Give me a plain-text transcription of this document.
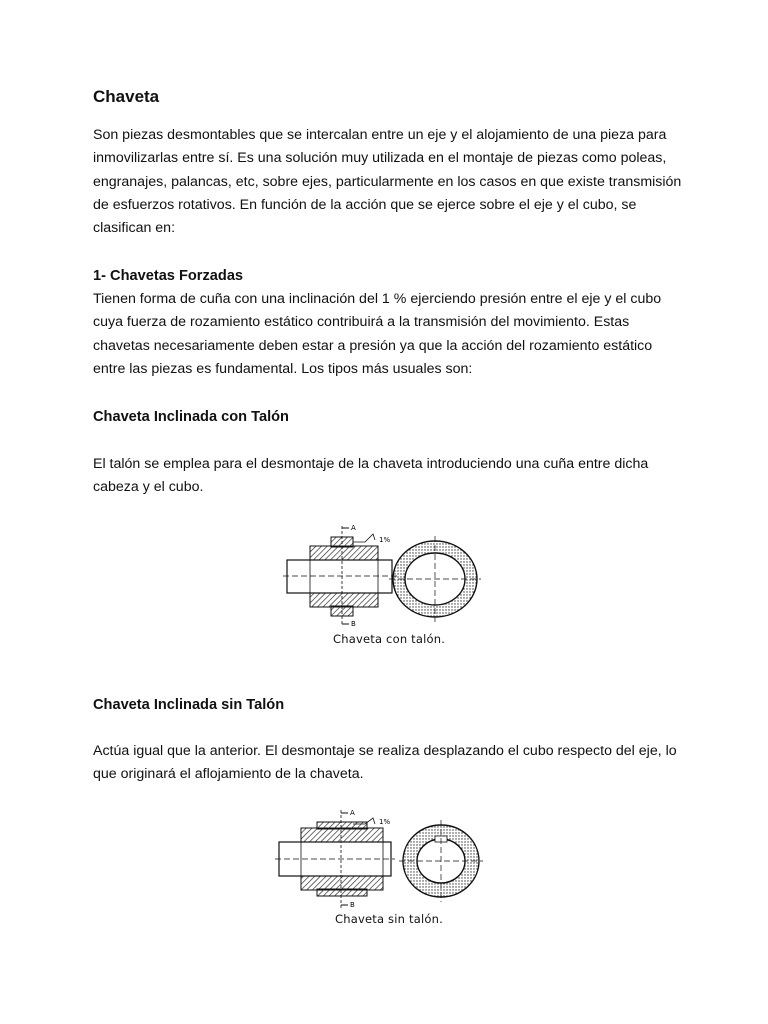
Chaveta

Son piezas desmontables que se intercalan entre un eje y el alojamiento de una pieza para inmovilizarlas entre sí. Es una solución muy utilizada en el montaje de piezas como poleas, engranajes, palancas, etc, sobre ejes, particularmente en los casos en que existe transmisión de esfuerzos rotativos. En función de la acción que se ejerce sobre el eje y el cubo, se clasifican en:

1- Chavetas Forzadas

Tienen forma de cuña con una inclinación del 1 % ejerciendo presión entre el eje y el cubo cuya fuerza de rozamiento estático contribuirá a la transmisión del movimiento. Estas chavetas necesariamente deben estar a presión ya que la acción del rozamiento estático entre las piezas es fundamental. Los tipos más usuales son:

Chaveta Inclinada con Talón

El talón se emplea para el desmontaje de la chaveta introduciendo una cuña entre dicha cabeza y el cubo.

Chaveta Inclinada sin Talón

Actúa igual que la anterior. El desmontaje se realiza desplazando el cubo respecto del eje, lo que originará el aflojamiento de la chaveta.

A
B
1%
Chaveta con talón.
A
B
1%
Chaveta sin talón.
